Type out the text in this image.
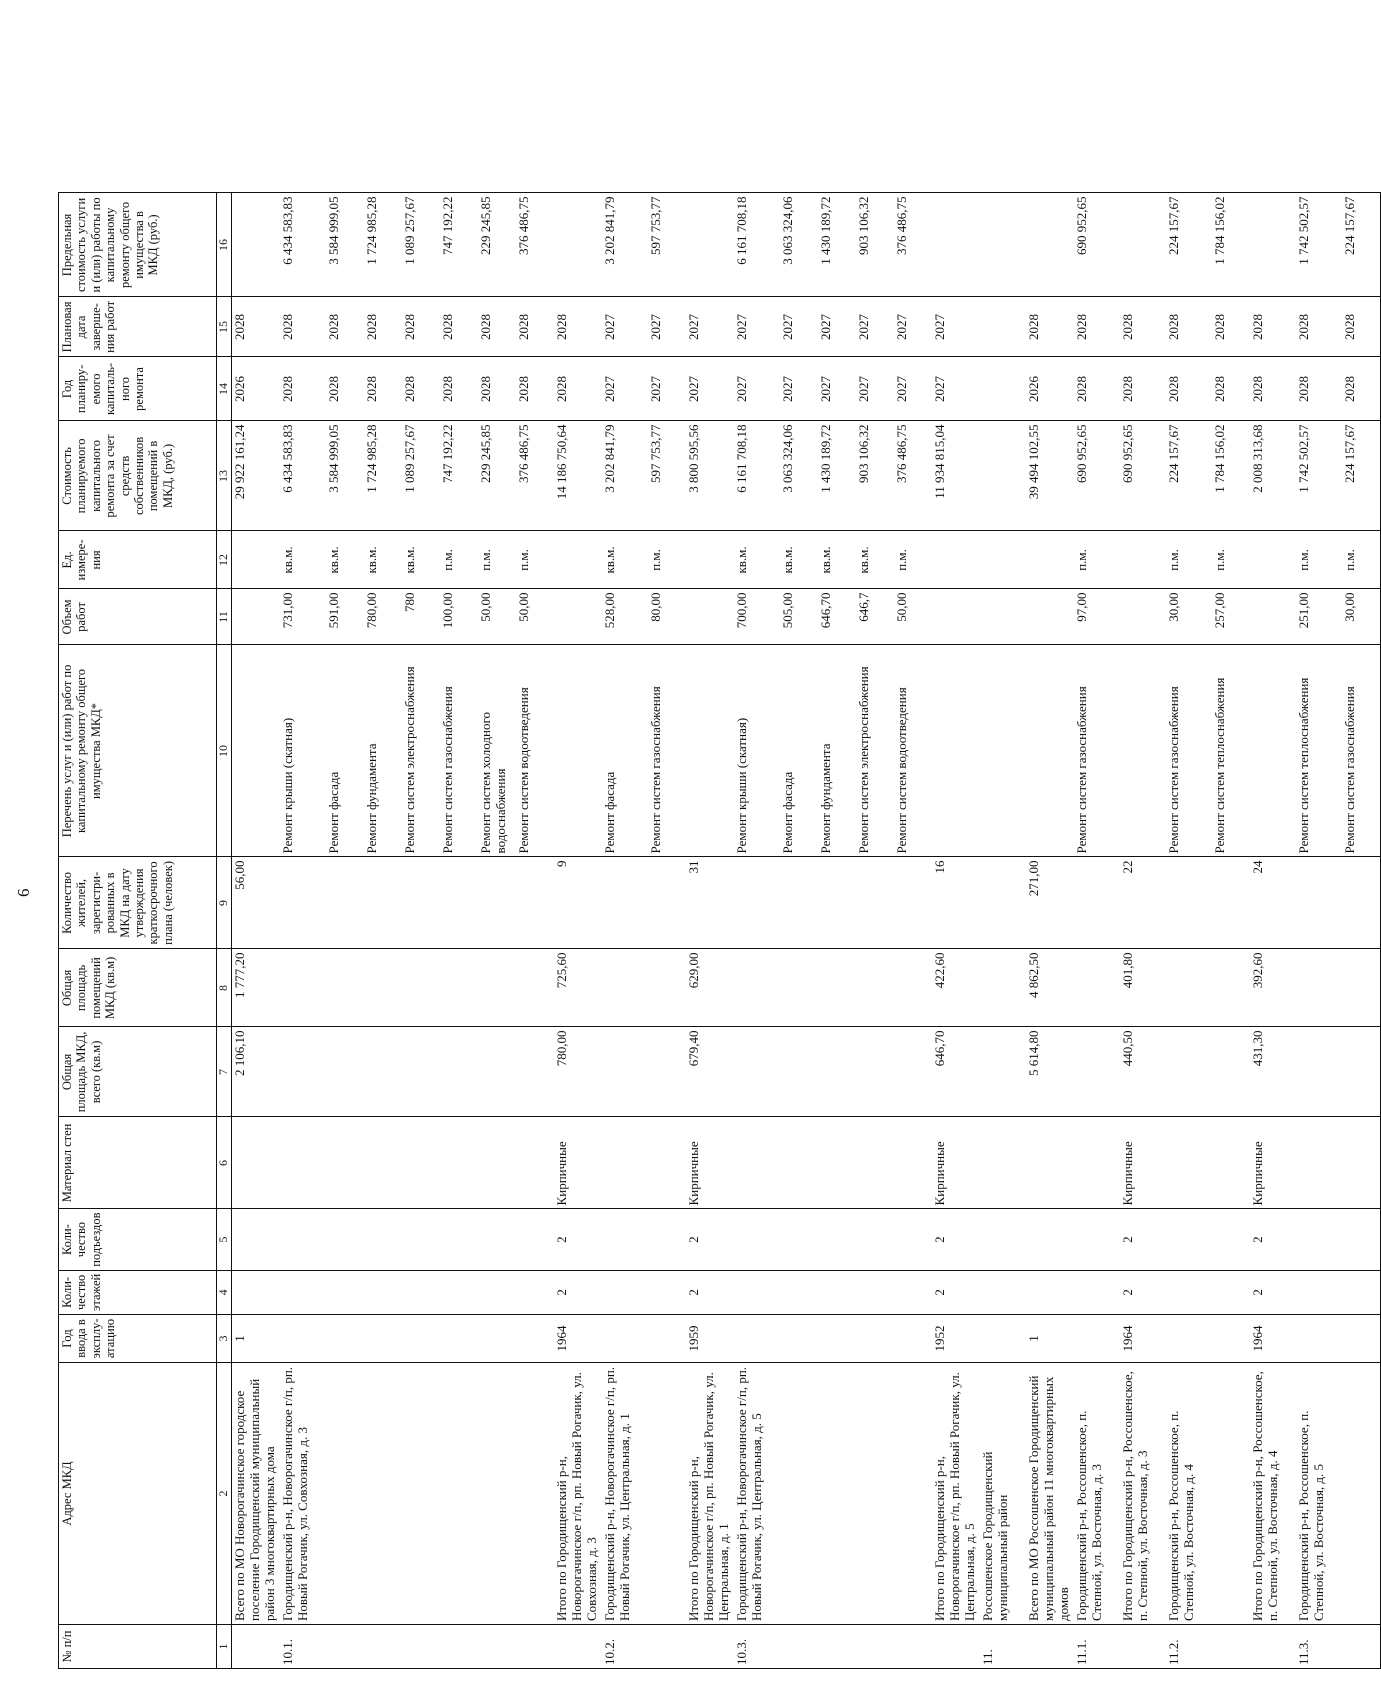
6
№ п/п	Адрес МКД	Год ввода в эксплу-атацию	Коли-чество этажей	Коли-чество подъездов	Материал стен	Общая площадь МКД, всего (кв.м)	Общая площадь помещений МКД (кв.м)	Количество жителей, зарегистри-рованных в МКД на дату утверждения краткосрочного плана (человек)	Перечень услуг и (или) работ по капитальному ремонту общего имущества МКД*	Объем работ	Ед. измере-ния	Стоимость планируемого капитального ремонта за счет средств собственников помещений в МКД, (руб.)	Год планиру-емого капиталь-ного ремонта	Плановая дата заверше-ния работ	Предельная стоимость услуги и (или) работы по капитальному ремонту общего имущества в МКД (руб.)
1	2	3	4	5	6	7	8	9	10	11	12	13	14	15	16
	Всего по МО Новорогачинское городское поселение Городищенский муниципальный район 3 многоквартирных дома	1				2 106,10	1 777,20	56,00				29 922 161,24	2026	2028	
10.1.	Городищенский р-н, Новорогачинское г/п, рп. Новый Рогачик, ул. Совхозная, д. 3								Ремонт крыши (скатная)	731,00	кв.м.	6 434 583,83	2028	2028	6 434 583,83
									Ремонт фасада	591,00	кв.м.	3 584 999,05	2028	2028	3 584 999,05
									Ремонт фундамента	780,00	кв.м.	1 724 985,28	2028	2028	1 724 985,28
									Ремонт систем электроснабжения	780	кв.м.	1 089 257,67	2028	2028	1 089 257,67
									Ремонт систем газоснабжения	100,00	п.м.	747 192,22	2028	2028	747 192,22
									Ремонт систем холодного водоснабжения	50,00	п.м.	229 245,85	2028	2028	229 245,85
									Ремонт систем водоотведения	50,00	п.м.	376 486,75	2028	2028	376 486,75
	Итого по Городищенский р-н, Новорогачинское г/п, рп. Новый Рогачик, ул. Совхозная, д. 3	1964	2	2	Кирпичные	780,00	725,60	9				14 186 750,64	2028	2028	
10.2.	Городищенский р-н, Новорогачинское г/п, рп. Новый Рогачик, ул. Центральная, д. 1								Ремонт фасада	528,00	кв.м.	3 202 841,79	2027	2027	3 202 841,79
									Ремонт систем газоснабжения	80,00	п.м.	597 753,77	2027	2027	597 753,77
	Итого по Городищенский р-н, Новорогачинское г/п, рп. Новый Рогачик, ул. Центральная, д. 1	1959	2	2	Кирпичные	679,40	629,00	31				3 800 595,56	2027	2027	
10.3.	Городищенский р-н, Новорогачинское г/п, рп. Новый Рогачик, ул. Центральная, д. 5								Ремонт крыши (скатная)	700,00	кв.м.	6 161 708,18	2027	2027	6 161 708,18
									Ремонт фасада	505,00	кв.м.	3 063 324,06	2027	2027	3 063 324,06
									Ремонт фундамента	646,70	кв.м.	1 430 189,72	2027	2027	1 430 189,72
									Ремонт систем электроснабжения	646,7	кв.м.	903 106,32	2027	2027	903 106,32
									Ремонт систем водоотведения	50,00	п.м.	376 486,75	2027	2027	376 486,75
	Итого по Городищенский р-н, Новорогачинское г/п, рп. Новый Рогачик, ул. Центральная, д. 5	1952	2	2	Кирпичные	646,70	422,60	16				11 934 815,04	2027	2027	
11.	Россошенское Городищенский муниципальный район														
	Всего по МО Россошенское Городищенский муниципальный район 11 многоквартирных домов	1				5 614,80	4 862,50	271,00				39 494 102,55	2026	2028	
11.1.	Городищенский р-н, Россошенское, п. Степной, ул. Восточная, д. 3								Ремонт систем газоснабжения	97,00	п.м.	690 952,65	2028	2028	690 952,65
	Итого по Городищенский р-н, Россошенское, п. Степной, ул. Восточная, д. 3	1964	2	2	Кирпичные	440,50	401,80	22				690 952,65	2028	2028	
11.2.	Городищенский р-н, Россошенское, п. Степной, ул. Восточная, д. 4								Ремонт систем газоснабжения	30,00	п.м.	224 157,67	2028	2028	224 157,67
									Ремонт систем теплоснабжения	257,00	п.м.	1 784 156,02	2028	2028	1 784 156,02
	Итого по Городищенский р-н, Россошенское, п. Степной, ул. Восточная, д. 4	1964	2	2	Кирпичные	431,30	392,60	24				2 008 313,68	2028	2028	
11.3.	Городищенский р-н, Россошенское, п. Степной, ул. Восточная, д. 5								Ремонт систем теплоснабжения	251,00	п.м.	1 742 502,57	2028	2028	1 742 502,57
									Ремонт систем газоснабжения	30,00	п.м.	224 157,67	2028	2028	224 157,67
